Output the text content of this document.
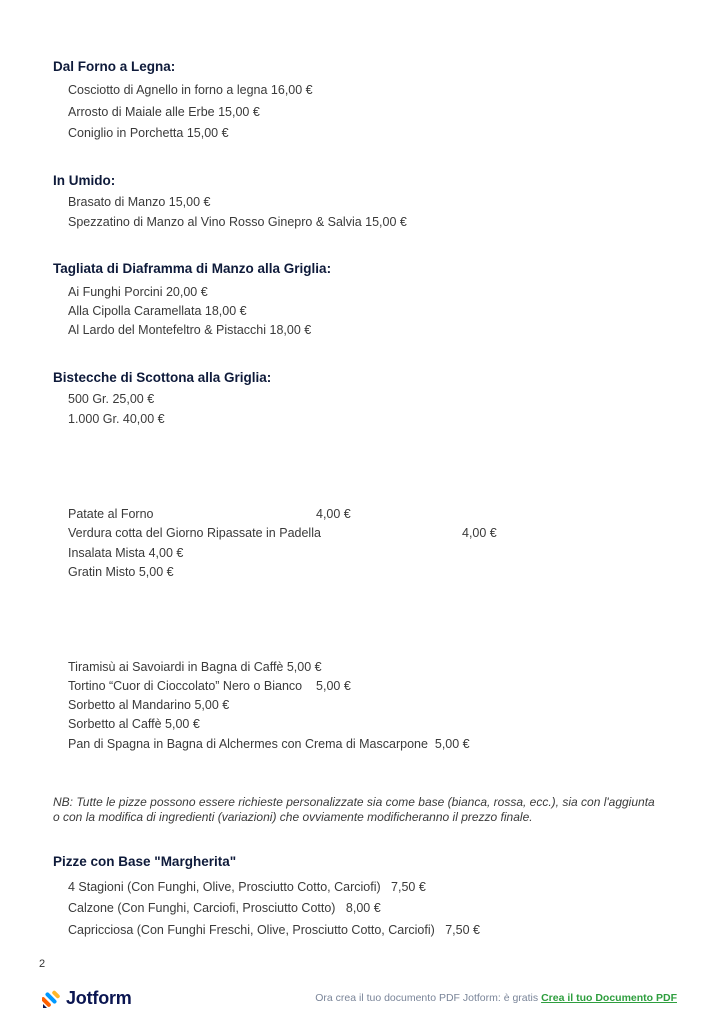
Dal Forno a Legna:
Cosciotto di Agnello in forno a legna 16,00 €
Arrosto di Maiale alle Erbe 15,00 €
Coniglio in Porchetta 15,00 €
In Umido:
Brasato di Manzo 15,00 €
Spezzatino di Manzo al Vino Rosso Ginepro & Salvia 15,00 €
Tagliata di Diaframma di Manzo alla Griglia:
Ai Funghi Porcini 20,00 €
Alla Cipolla Caramellata 18,00 €
Al Lardo del Montefeltro & Pistacchi 18,00 €
Bistecche di Scottona alla Griglia:
500 Gr. 25,00 €
1.000 Gr. 40,00 €
Patate al Forno	4,00 €
Verdura cotta del Giorno Ripassate in Padella	4,00 €
Insalata Mista 4,00 €
Gratin Misto 5,00 €
Tiramisù ai Savoiardi in Bagna di Caffè 5,00 €
Tortino “Cuor di Cioccolato” Nero o Bianco    5,00 €
Sorbetto al Mandarino 5,00 €
Sorbetto al Caffè 5,00 €
Pan di Spagna in Bagna di Alchermes con Crema di Mascarpone  5,00 €
NB: Tutte le pizze possono essere richieste personalizzate sia come base (bianca, rossa, ecc.), sia con l'aggiunta o con la modifica di ingredienti (variazioni) che ovviamente modificheranno il prezzo finale.
Pizze con Base "Margherita"
4 Stagioni (Con Funghi, Olive, Prosciutto Cotto, Carciofi)   7,50 €
Calzone (Con Funghi, Carciofi, Prosciutto Cotto)   8,00 €
Capricciosa (Con Funghi Freschi, Olive, Prosciutto Cotto, Carciofi)   7,50 €
2
Jotform	Ora crea il tuo documento PDF Jotform: è gratis Crea il tuo Documento PDF
